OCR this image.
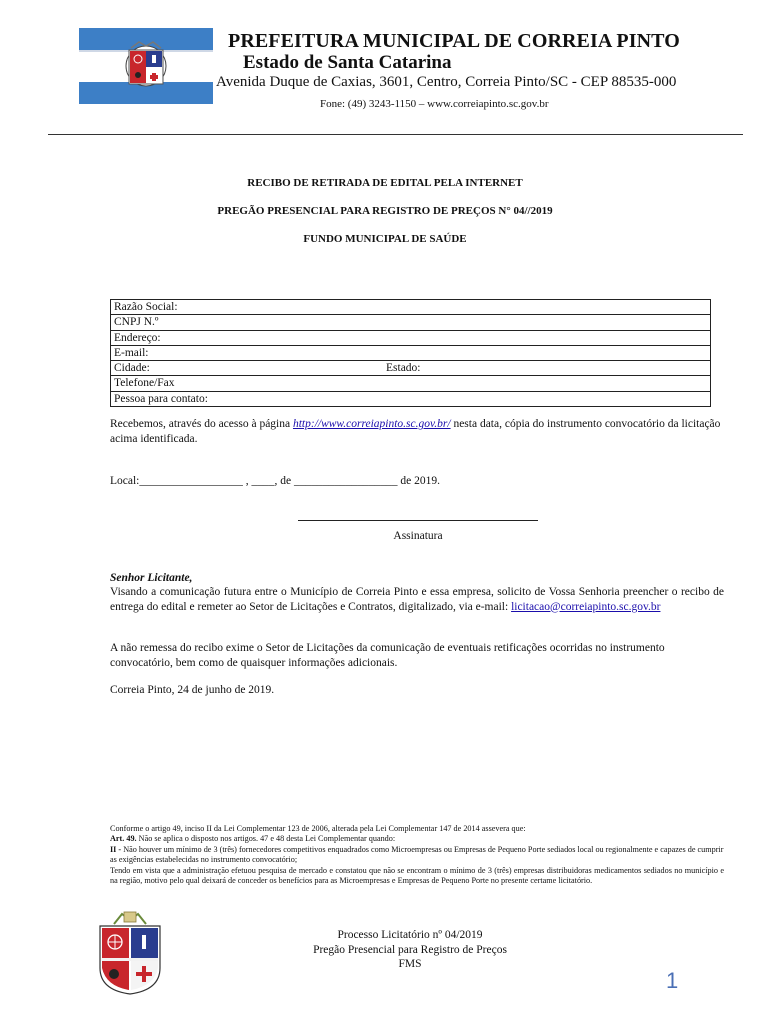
PREFEITURA MUNICIPAL DE CORREIA PINTO
Estado de Santa Catarina
Avenida Duque de Caxias, 3601, Centro, Correia Pinto/SC - CEP 88535-000
Fone: (49) 3243-1150 – www.correiapinto.sc.gov.br
RECIBO DE RETIRADA DE EDITAL PELA INTERNET
PREGÃO PRESENCIAL PARA REGISTRO DE PREÇOS N° 04//2019
FUNDO MUNICIPAL DE SAÚDE
Razão Social:
CNPJ N.º
Endereço:
E-mail:
Cidade:	Estado:
Telefone/Fax
Pessoa para contato:
Recebemos, através do acesso à página http://www.correiapinto.sc.gov.br/ nesta data, cópia do instrumento convocatório da licitação acima identificada.
Local:__________________ , ____, de __________________ de 2019.
Assinatura
Senhor Licitante,
Visando a comunicação futura entre o Município de Correia Pinto e essa empresa, solicito de Vossa Senhoria preencher o recibo de entrega do edital e remeter ao Setor de Licitações e Contratos, digitalizado, via e-mail: licitacao@correiapinto.sc.gov.br
A não remessa do recibo exime o Setor de Licitações da comunicação de eventuais retificações ocorridas no instrumento convocatório, bem como de quaisquer informações adicionais.
Correia Pinto, 24 de junho de 2019.
Conforme o artigo 49, inciso II da Lei Complementar 123 de 2006, alterada pela Lei Complementar 147 de 2014 assevera que:
Art. 49. Não se aplica o disposto nos artigos. 47 e 48 desta Lei Complementar quando:
II - Não houver um mínimo de 3 (três) fornecedores competitivos enquadrados como Microempresas ou Empresas de Pequeno Porte sediados local ou regionalmente e capazes de cumprir as exigências estabelecidas no instrumento convocatório;
Tendo em vista que a administração efetuou pesquisa de mercado e constatou que não se encontram o mínimo de 3 (três) empresas distribuidoras medicamentos sediados no município e na região, motivo pelo qual deixará de conceder os benefícios para as Microempresas e Empresas de Pequeno Porte no presente certame licitatório.
Processo Licitatório nº 04/2019
Pregão Presencial para Registro de Preços
FMS
1
